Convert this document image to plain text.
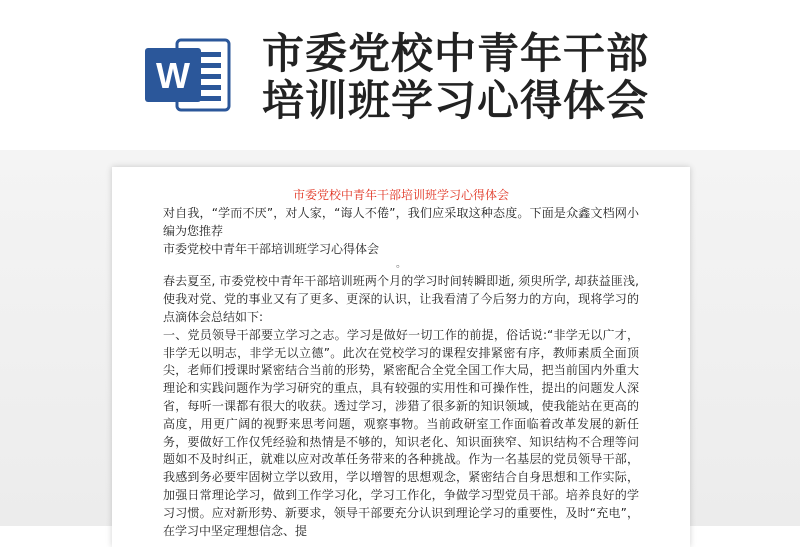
W 市委党校中青年干部
培训班学习心得体会
市委党校中青年干部培训班学习心得体会

对自我，“学而不厌”，对人家，“诲人不倦”，我们应采取这种态度。下面是众鑫文档网小编为您推荐

市委党校中青年干部培训班学习心得体会

。

春去夏至, 市委党校中青年干部培训班两个月的学习时间转瞬即逝, 须臾所学, 却获益匪浅, 使我对党、党的事业又有了更多、更深的认识，让我看清了今后努力的方向，现将学习的点滴体会总结如下:

一、党员领导干部要立学习之志。学习是做好一切工作的前提，俗话说:“非学无以广才，非学无以明志，非学无以立德”。此次在党校学习的课程安排紧密有序，教师素质全面顶尖，老师们授课时紧密结合当前的形势，紧密配合全党全国工作大局，把当前国内外重大理论和实践问题作为学习研究的重点，具有较强的实用性和可操作性，提出的问题发人深省，每听一课都有很大的收获。透过学习，涉猎了很多新的知识领域，使我能站在更高的高度，用更广阔的视野来思考问题，观察事物。当前政研室工作面临着改革发展的新任务，要做好工作仅凭经验和热情是不够的，知识老化、知识面狭窄、知识结构不合理等问题如不及时纠正，就难以应对改革任务带来的各种挑战。作为一名基层的党员领导干部，我感到务必要牢固树立学以致用，学以增智的思想观念，紧密结合自身思想和工作实际，加强日常理论学习，做到工作学习化，学习工作化，争做学习型党员干部。培养良好的学习习惯。应对新形势、新要求，领导干部要充分认识到理论学习的重要性，及时“充电”，在学习中坚定理想信念、提
